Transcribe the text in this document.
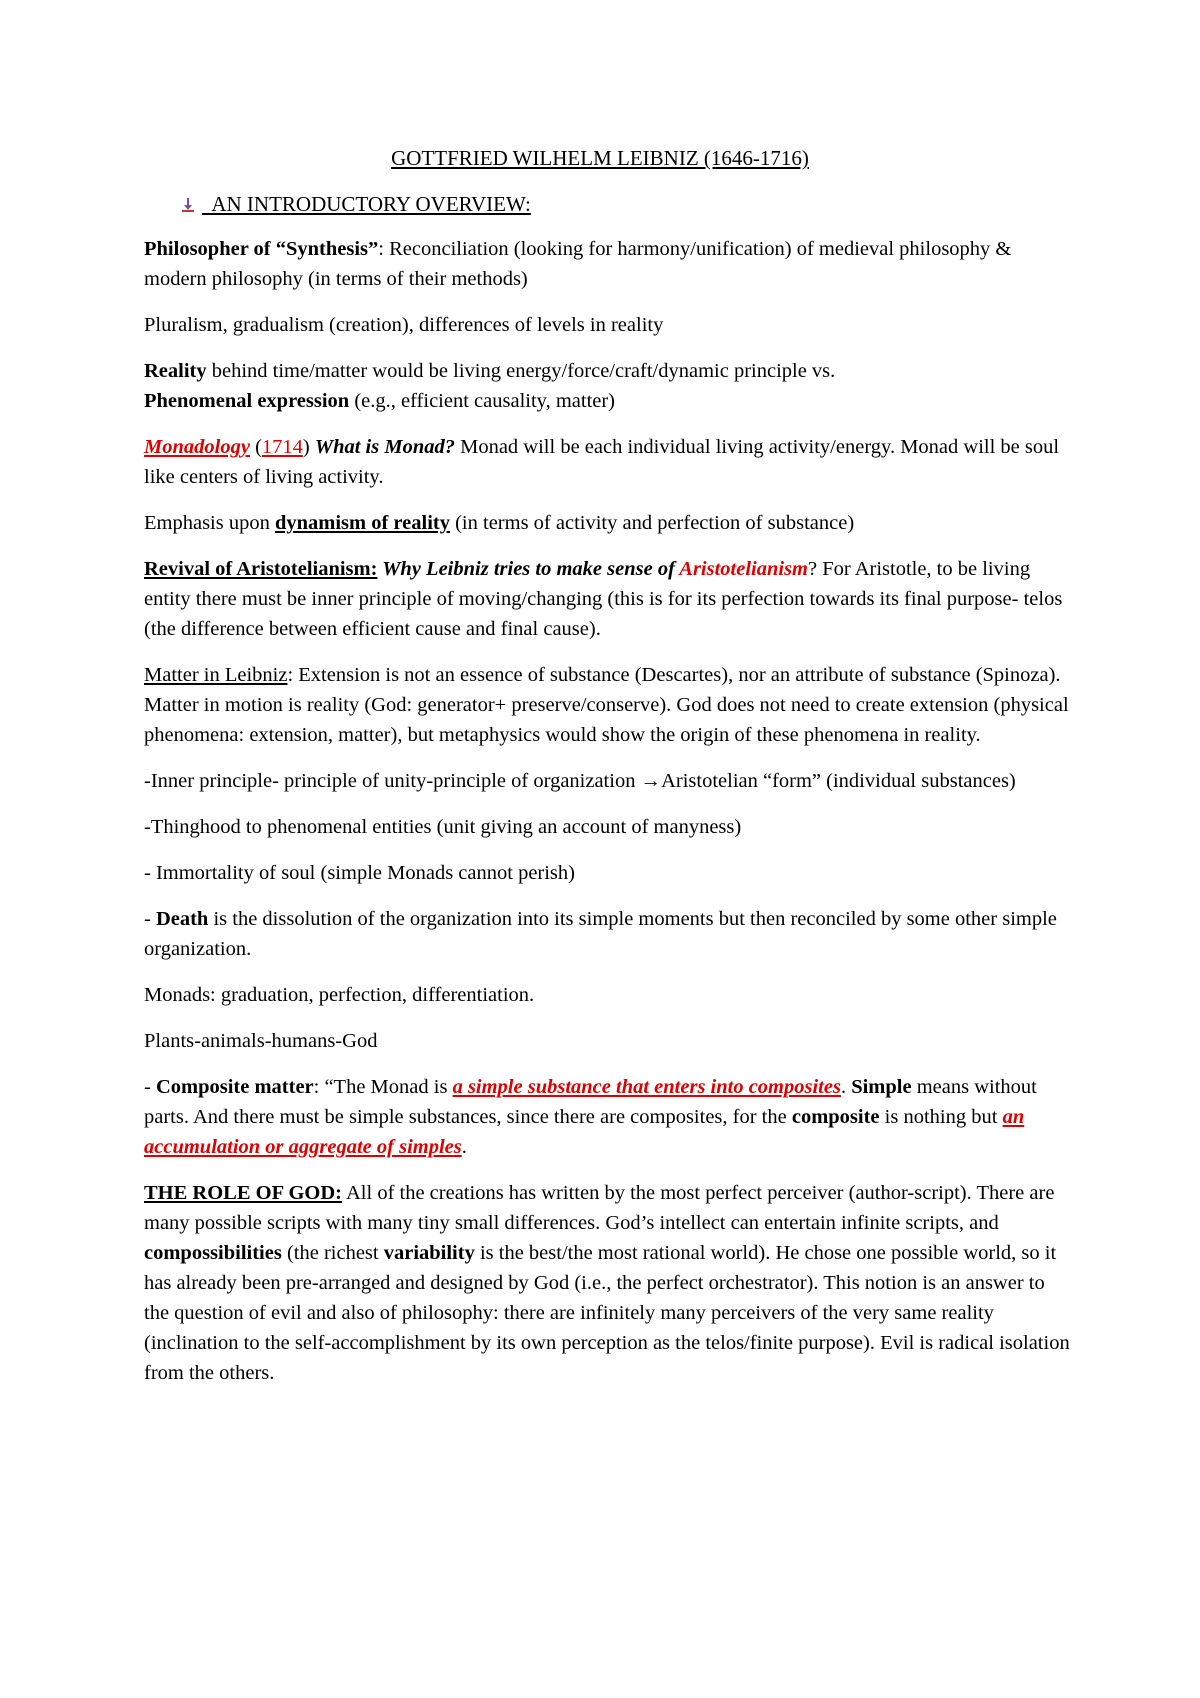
GOTTFRIED WILHELM LEIBNIZ (1646-1716)
AN INTRODUCTORY OVERVIEW:

Philosopher of “Synthesis”: Reconciliation (looking for harmony/unification) of medieval philosophy & modern philosophy (in terms of their methods)

Pluralism, gradualism (creation), differences of levels in reality

Reality behind time/matter would be living energy/force/craft/dynamic principle vs.
Phenomenal expression (e.g., efficient causality, matter)

Monadology (1714) What is Monad? Monad will be each individual living activity/energy. Monad will be soul like centers of living activity.

Emphasis upon dynamism of reality (in terms of activity and perfection of substance)

Revival of Aristotelianism: Why Leibniz tries to make sense of Aristotelianism? For Aristotle, to be living entity there must be inner principle of moving/changing (this is for its perfection towards its final purpose- telos (the difference between efficient cause and final cause).

Matter in Leibniz: Extension is not an essence of substance (Descartes), nor an attribute of substance (Spinoza). Matter in motion is reality (God: generator+ preserve/conserve). God does not need to create extension (physical phenomena: extension, matter), but metaphysics would show the origin of these phenomena in reality.

-Inner principle- principle of unity-principle of organization →Aristotelian “form” (individual substances)

-Thinghood to phenomenal entities (unit giving an account of manyness)

- Immortality of soul (simple Monads cannot perish)

- Death is the dissolution of the organization into its simple moments but then reconciled by some other simple organization.

Monads: graduation, perfection, differentiation.

Plants-animals-humans-God

- Composite matter: “The Monad is a simple substance that enters into composites. Simple means without parts. And there must be simple substances, since there are composites, for the composite is nothing but an accumulation or aggregate of simples.

THE ROLE OF GOD: All of the creations has written by the most perfect perceiver (author-script). There are many possible scripts with many tiny small differences. God’s intellect can entertain infinite scripts, and compossibilities (the richest variability is the best/the most rational world). He chose one possible world, so it has already been pre-arranged and designed by God (i.e., the perfect orchestrator). This notion is an answer to the question of evil and also of philosophy: there are infinitely many perceivers of the very same reality (inclination to the self-accomplishment by its own perception as the telos/finite purpose). Evil is radical isolation from the others.
